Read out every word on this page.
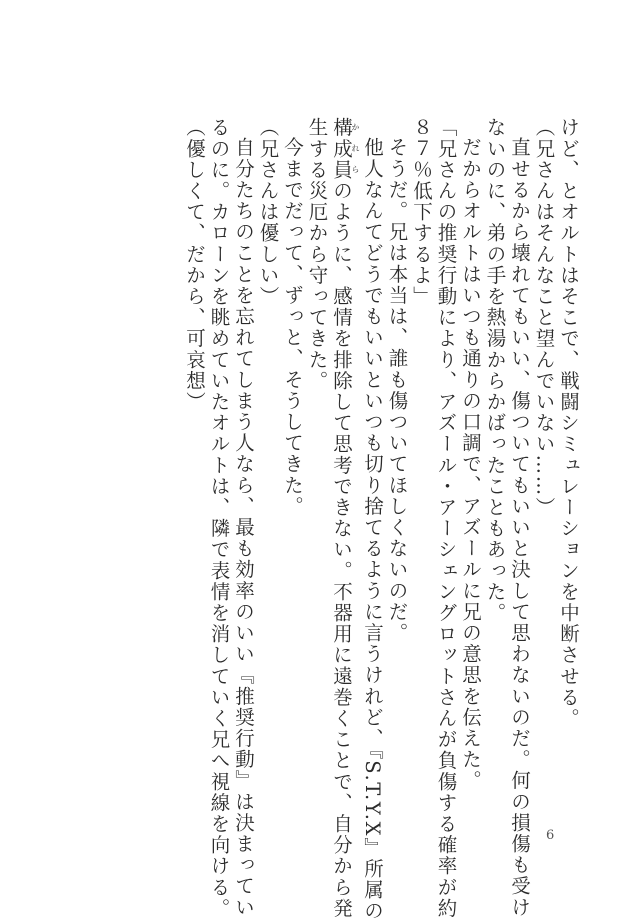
けど、とオルトはそこで、戦闘シミュレーションを中断させる。
（兄さんはそんなこと望んでいない……）
直せるから壊れてもいい、傷ついてもいいと決して思わないのだ。何の損傷も受け
ないのに、弟の手を熱湯からかばったこともあった。
だからオルトはいつも通りの口調で、アズールに兄の意思を伝えた。
「兄さんの推奨行動により、アズール・アーシェングロットさんが負傷する確率が約
８７％低下するよ」
そうだ。兄は本当は、誰も傷ついてほしくないのだ。
他人なんてどうでもいいといつも切り捨てるように言うけれど、『S.T.Y.X』所属の
構成員かれらのように、感情を排除して思考できない。不器用に遠巻くことで、自分から発
生する災厄から守ってきた。
今までだって、ずっと、そうしてきた。
（兄さんは優しい）
自分たちのことを忘れてしまう人なら、最も効率のいい『推奨行動』は決まってい
るのに。カローンを眺めていたオルトは、隣で表情を消していく兄へ視線を向ける。
（優しくて、だから、可哀想）
6
